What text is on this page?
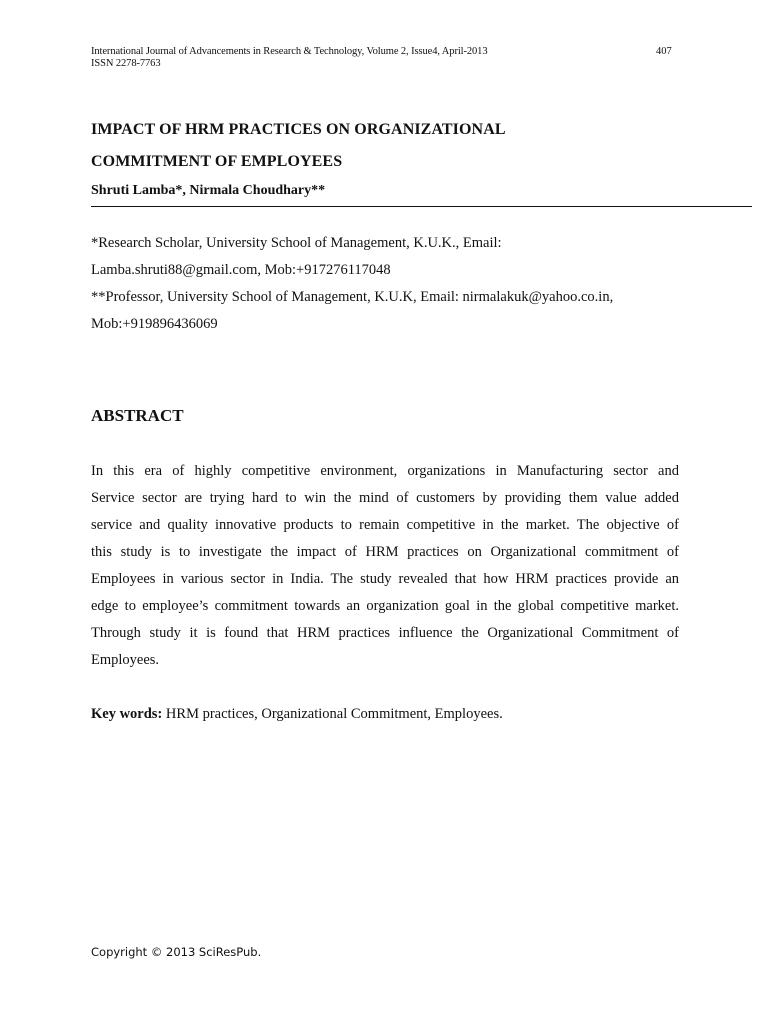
International Journal of Advancements in Research & Technology, Volume 2, Issue4, April-2013
ISSN 2278-7763
407
IMPACT OF HRM PRACTICES ON ORGANIZATIONAL
COMMITMENT OF EMPLOYEES
Shruti Lamba*, Nirmala Choudhary**
*Research Scholar, University School of Management, K.U.K., Email:
Lamba.shruti88@gmail.com, Mob:+917276117048
**Professor, University School of Management, K.U.K, Email: nirmalakuk@yahoo.co.in,
Mob:+919896436069
ABSTRACT
In this era of highly competitive environment, organizations in Manufacturing sector and
Service sector are trying hard to win the mind of customers by providing them value added
service and quality innovative products to remain competitive in the market. The objective of
this study is to investigate the impact of HRM practices on Organizational commitment of
Employees in various sector in India. The study revealed that how HRM practices provide an
edge to employee’s commitment towards an organization goal in the global competitive market.
Through study it is found that HRM practices influence the Organizational Commitment of
Employees.
Key words: HRM practices, Organizational Commitment, Employees.
Copyright © 2013 SciResPub.
